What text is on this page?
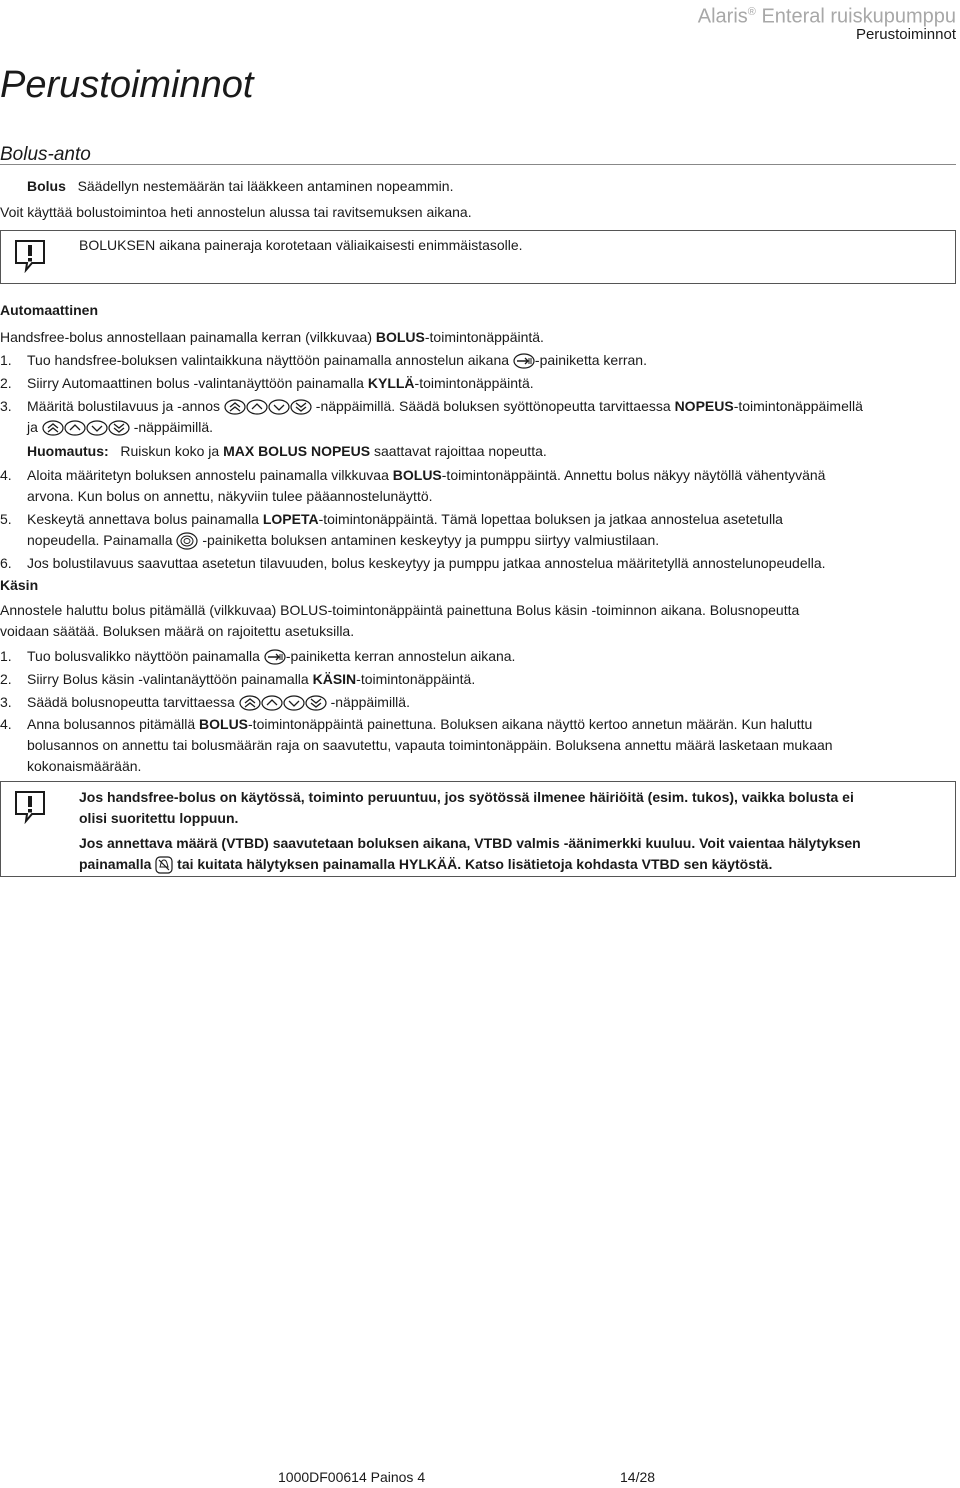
Alaris® Enteral ruiskupumppu
Perustoiminnot
Perustoiminnot
Bolus-anto
Bolus Säädellyn nestemäärän tai lääkkeen antaminen nopeammin.
Voit käyttää bolustoimintoa heti annostelun alussa tai ravitsemuksen aikana.
BOLUKSEN aikana paineraja korotetaan väliaikaisesti enimmäistasolle.
Automaattinen
Handsfree-bolus annostellaan painamalla kerran (vilkkuvaa) BOLUS-toimintonäppäintä.
1. Tuo handsfree-boluksen valintaikkuna näyttöön painamalla annostelun aikana -painiketta kerran.
2. Siirry Automaattinen bolus -valintanäyttöön painamalla KYLLÄ-toimintonäppäintä.
3. Määritä bolustilavuus ja -annos	-näppäimillä. Säädä boluksen syöttönopeutta tarvittaessa NOPEUS-toimintonäppäimellä
ja	-näppäimillä.
Huomautus: Ruiskun koko ja MAX BOLUS NOPEUS saattavat rajoittaa nopeutta.
4. Aloita määritetyn boluksen annostelu painamalla vilkkuvaa BOLUS-toimintonäppäintä. Annettu bolus näkyy näytöllä vähentyvänä
arvona. Kun bolus on annettu, näkyviin tulee pääannostelunäyttö.
5. Keskeytä annettava bolus painamalla LOPETA-toimintonäppäintä. Tämä lopettaa boluksen ja jatkaa annostelua asetetulla
nopeudella. Painamalla  -painiketta boluksen antaminen keskeytyy ja pumppu siirtyy valmiustilaan.
6. Jos bolustilavuus saavuttaa asetetun tilavuuden, bolus keskeytyy ja pumppu jatkaa annostelua määritetyllä annostelunopeudella.
Käsin
Annostele haluttu bolus pitämällä (vilkkuvaa) BOLUS-toimintonäppäintä painettuna Bolus käsin -toiminnon aikana. Bolusnopeutta
voidaan säätää. Boluksen määrä on rajoitettu asetuksilla.
1. Tuo bolusvalikko näyttöön painamalla -painiketta kerran annostelun aikana.
2. Siirry Bolus käsin -valintanäyttöön painamalla KÄSIN-toimintonäppäintä.
3. Säädä bolusnopeutta tarvittaessa	-näppäimillä.
4. Anna bolusannos pitämällä BOLUS-toimintonäppäintä painettuna. Boluksen aikana näyttö kertoo annetun määrän. Kun haluttu
bolusannos on annettu tai bolusmäärän raja on saavutettu, vapauta toimintonäppäin. Boluksena annettu määrä lasketaan mukaan
kokonaismäärään.
Jos handsfree-bolus on käytössä, toiminto peruuntuu, jos syötössä ilmenee häiriöitä (esim. tukos), vaikka bolusta ei
olisi suoritettu loppuun.
Jos annettava määrä (VTBD) saavutetaan boluksen aikana, VTBD valmis -äänimerkki kuuluu. Voit vaientaa hälytyksen
painamalla  tai kuitata hälytyksen painamalla HYLKÄÄ. Katso lisätietoja kohdasta VTBD sen käytöstä.
1000DF00614 Painos 4	14/28
